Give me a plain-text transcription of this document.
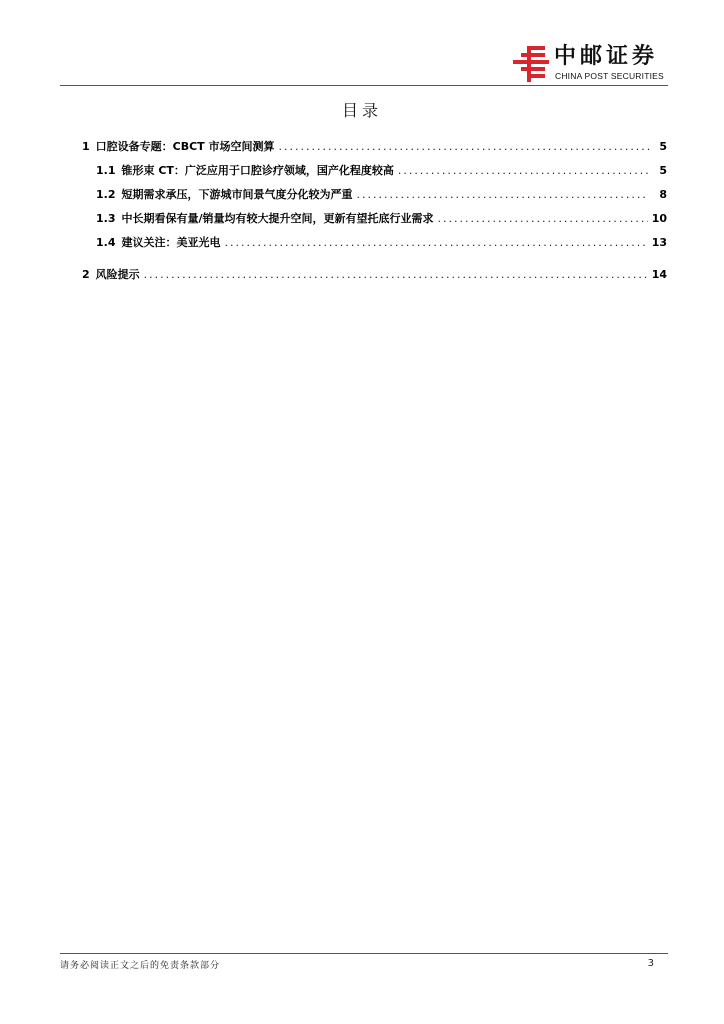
中邮证券
CHINA POST SECURITIES
目录
1 口腔设备专题：CBCT 市场空间测算 .....	5
1.1 锥形束 CT：广泛应用于口腔诊疗领域，国产化程度较高 .....	5
1.2 短期需求承压，下游城市间景气度分化较为严重 .....	8
1.3 中长期看保有量/销量均有较大提升空间，更新有望托底行业需求 .....	10
1.4 建议关注：美亚光电 .....	13
2 风险提示 .....	14
请务必阅读正文之后的免责条款部分	3
